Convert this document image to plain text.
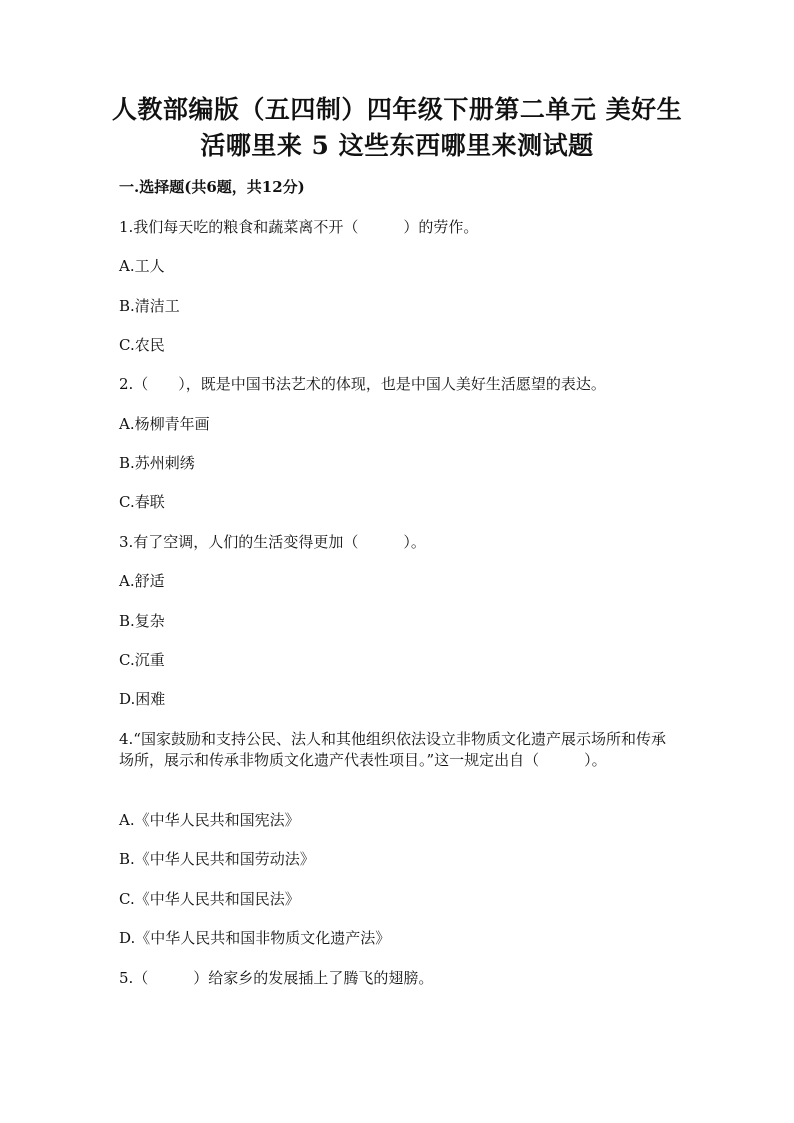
人教部编版（五四制）四年级下册第二单元 美好生
活哪里来 5 这些东西哪里来测试题
一.选择题(共6题，共12分)
1.我们每天吃的粮食和蔬菜离不开（　　　）的劳作。
A.工人
B.清洁工
C.农民
2.（　　），既是中国书法艺术的体现，也是中国人美好生活愿望的表达。
A.杨柳青年画
B.苏州刺绣
C.春联
3.有了空调，人们的生活变得更加（　　　）。
A.舒适
B.复杂
C.沉重
D.困难
4.“国家鼓励和支持公民、法人和其他组织依法设立非物质文化遗产展示场所和传承场所，展示和传承非物质文化遗产代表性项目。”这一规定出自（　　　）。
A.《中华人民共和国宪法》
B.《中华人民共和国劳动法》
C.《中华人民共和国民法》
D.《中华人民共和国非物质文化遗产法》
5.（　　　）给家乡的发展插上了腾飞的翅膀。
